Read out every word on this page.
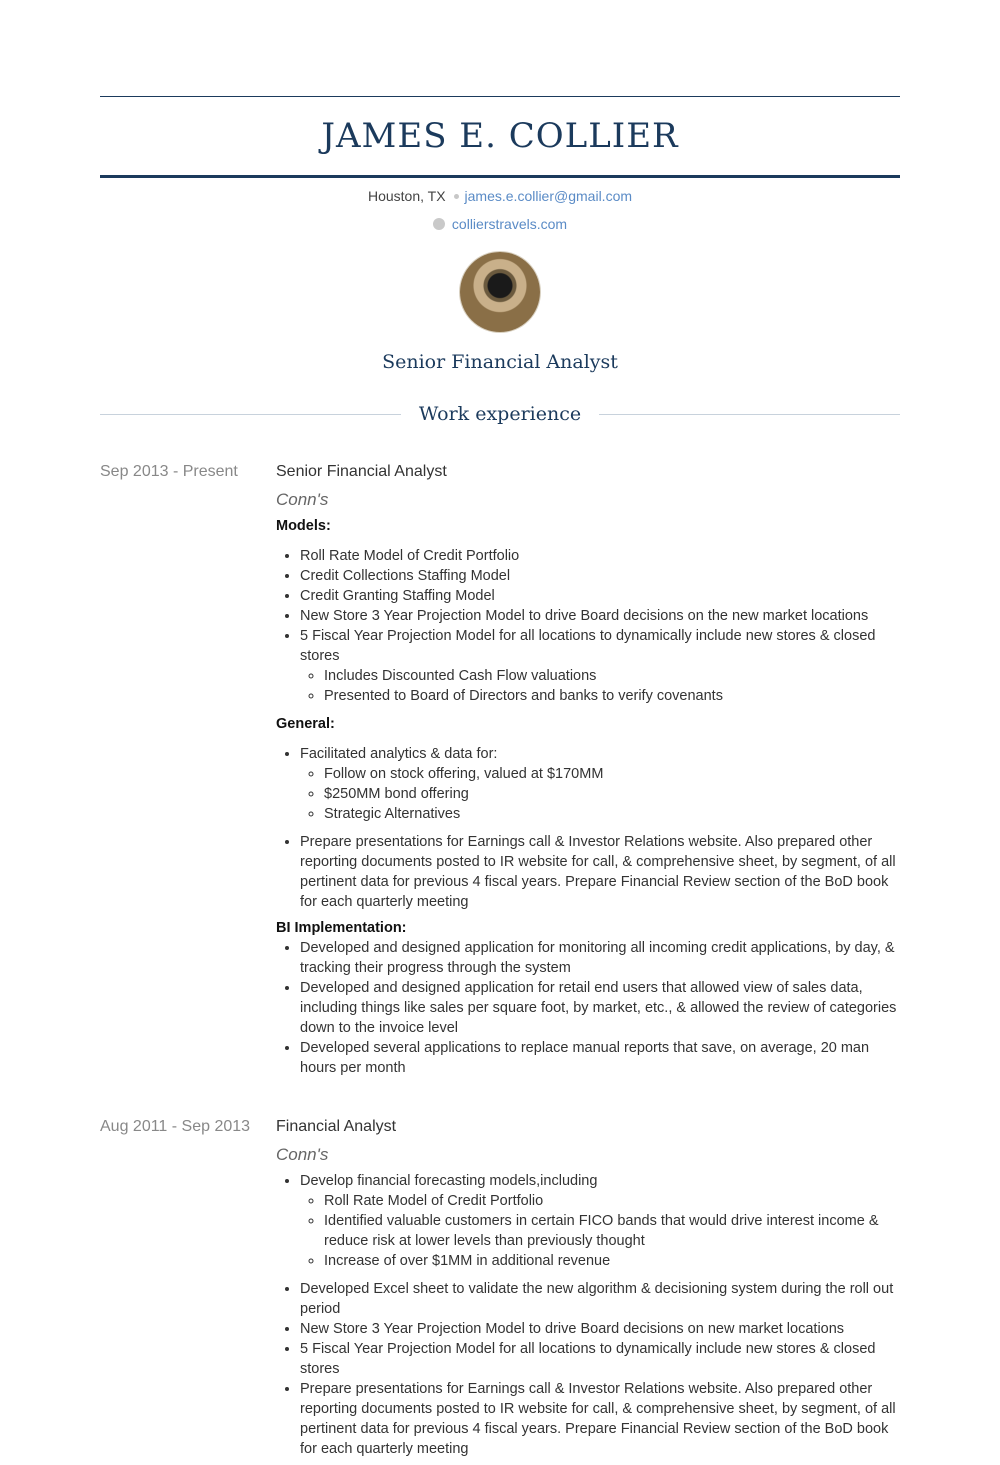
JAMES E. COLLIER
Houston, TX james.e.collier@gmail.com
collierstravels.com
Senior Financial Analyst
Work experience
Sep 2013 - Present	Senior Financial Analyst
Conn's
Models:
• Roll Rate Model of Credit Portfolio
• Credit Collections Staffing Model
• Credit Granting Staffing Model
• New Store 3 Year Projection Model to drive Board decisions on the new market locations
• 5 Fiscal Year Projection Model for all locations to dynamically include new stores & closed stores
◦ Includes Discounted Cash Flow valuations
◦ Presented to Board of Directors and banks to verify covenants
General:
• Facilitated analytics & data for:
◦ Follow on stock offering, valued at $170MM
◦ $250MM bond offering
◦ Strategic Alternatives
• Prepare presentations for Earnings call & Investor Relations website. Also prepared other reporting documents posted to IR website for call, & comprehensive sheet, by segment, of all pertinent data for previous 4 fiscal years. Prepare Financial Review section of the BoD book for each quarterly meeting
BI Implementation:
• Developed and designed application for monitoring all incoming credit applications, by day, & tracking their progress through the system
• Developed and designed application for retail end users that allowed view of sales data, including things like sales per square foot, by market, etc., & allowed the review of categories down to the invoice level
• Developed several applications to replace manual reports that save, on average, 20 man hours per month
Aug 2011 - Sep 2013	Financial Analyst
Conn's
• Develop financial forecasting models,including
◦ Roll Rate Model of Credit Portfolio
◦ Identified valuable customers in certain FICO bands that would drive interest income & reduce risk at lower levels than previously thought
◦ Increase of over $1MM in additional revenue
• Developed Excel sheet to validate the new algorithm & decisioning system during the roll out period
• New Store 3 Year Projection Model to drive Board decisions on new market locations
• 5 Fiscal Year Projection Model for all locations to dynamically include new stores & closed stores
• Prepare presentations for Earnings call & Investor Relations website. Also prepared other reporting documents posted to IR website for call, & comprehensive sheet, by segment, of all pertinent data for previous 4 fiscal years. Prepare Financial Review section of the BoD book for each quarterly meeting
